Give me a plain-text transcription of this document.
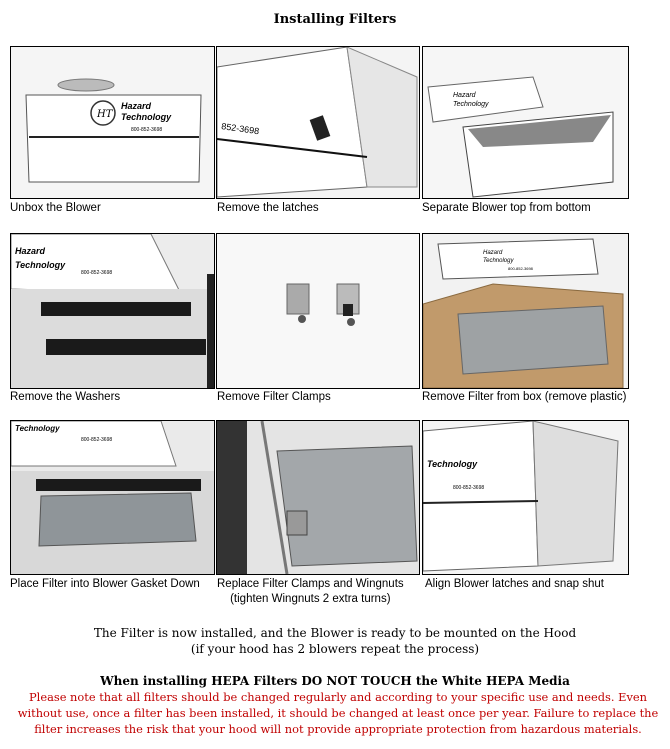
Installing Filters
HT
Hazard
Technology
800-852-3698
Unbox the Blower
852-3698
Remove the latches
Hazard
Technology
Separate Blower top from bottom
Hazard
Technology
800-852-3698
Remove the Washers	Remove Filter Clamps
Hazard
Technology
800-852-3698
Remove Filter from box (remove plastic)
Technology
800-852-3698
Place Filter into Blower Gasket Down Replace Filter Clamps and Wingnuts
(tighten Wingnuts 2 extra turns)
Technology
800-852-3698
Align Blower latches and snap shut
The Filter is now installed, and the Blower is ready to be mounted on the Hood
(if your hood has 2 blowers repeat the process)
When installing HEPA Filters DO NOT TOUCH the White HEPA Media
Please note that all filters should be changed regularly and according to your specific use and needs. Even without use, once a filter has been installed, it should be changed at least once per year. Failure to replace the filter increases the risk that your hood will not provide appropriate protection from hazardous materials.
